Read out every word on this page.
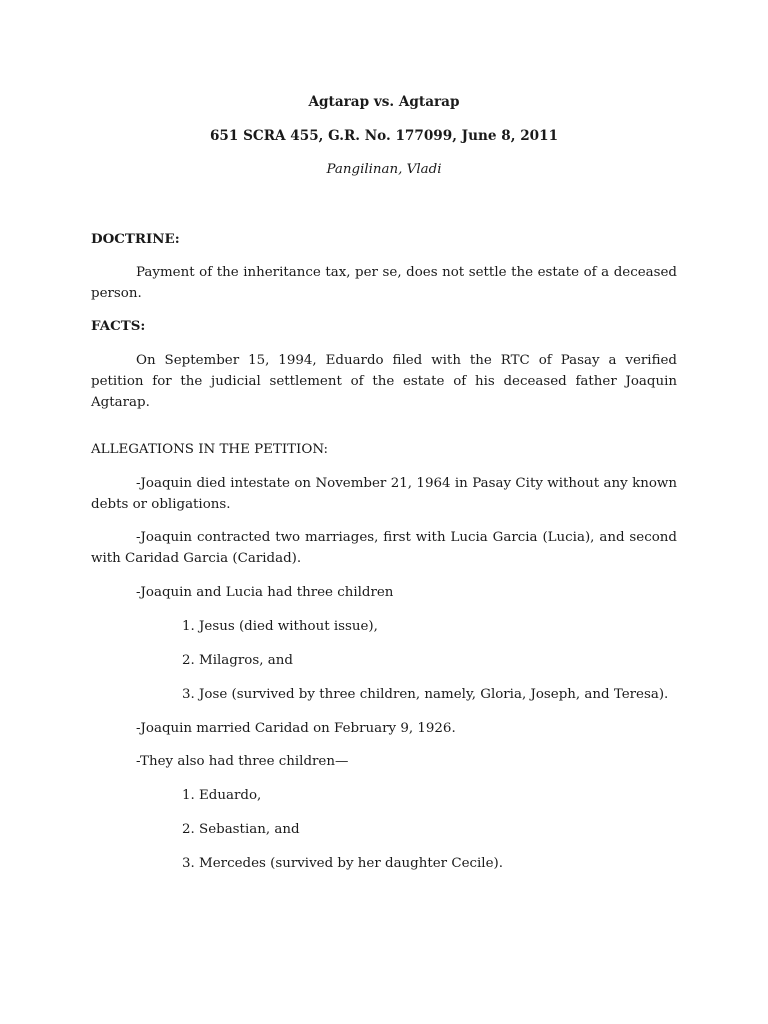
Agtarap vs. Agtarap
651 SCRA 455, G.R. No. 177099, June 8, 2011
Pangilinan, Vladi
DOCTRINE:
Payment of the inheritance tax, per se, does not settle the estate of a deceased person.
FACTS:
On September 15, 1994, Eduardo filed with the RTC of Pasay a verified petition for the judicial settlement of the estate of his deceased father Joaquin Agtarap.
ALLEGATIONS IN THE PETITION:
-Joaquin died intestate on November 21, 1964 in Pasay City without any known debts or obligations.
-Joaquin contracted two marriages, first with Lucia Garcia (Lucia), and second with Caridad Garcia (Caridad).
-Joaquin and Lucia had three children
1. Jesus (died without issue),
2. Milagros, and
3. Jose (survived by three children, namely, Gloria, Joseph, and Teresa).
-Joaquin married Caridad on February 9, 1926.
-They also had three children—
1. Eduardo,
2. Sebastian, and
3. Mercedes (survived by her daughter Cecile).
